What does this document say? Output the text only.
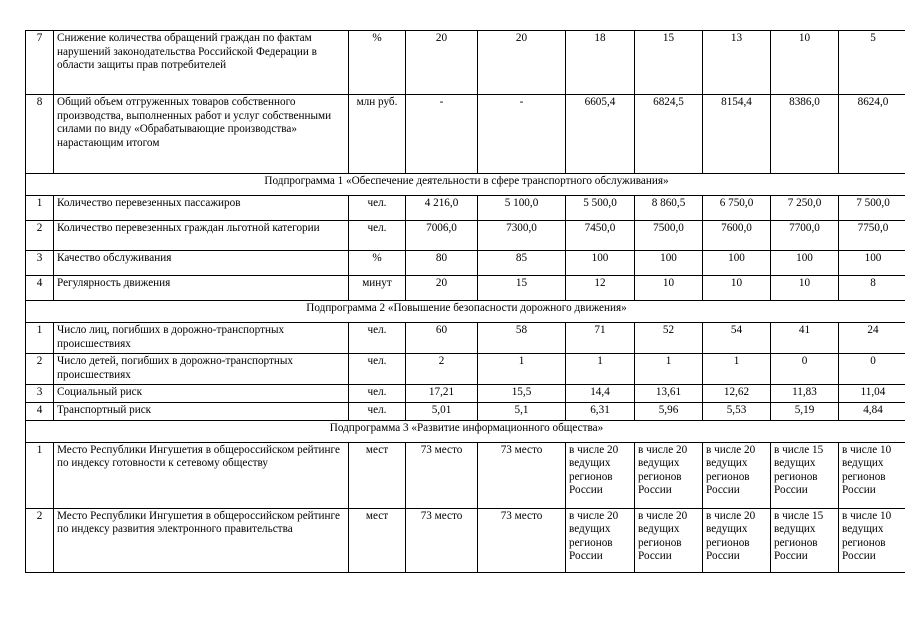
7	Снижение количества обращений граждан по фактам нарушений законодательства Российской Федерации в области защиты прав потребителей	%	20	20	18	15	13	10	5
8	Общий объем отгруженных товаров собственного производства, выполненных работ и услуг собственными силами по виду «Обрабатывающие производства» нарастающим итогом	млн руб.	-	-	6605,4	6824,5	8154,4	8386,0	8624,0
Подпрограмма 1 «Обеспечение деятельности в сфере транспортного обслуживания»									
1	Количество перевезенных пассажиров	чел.	4 216,0	5 100,0	5 500,0	8 860,5	6 750,0	7 250,0	7 500,0
2	Количество перевезенных граждан льготной категории	чел.	7006,0	7300,0	7450,0	7500,0	7600,0	7700,0	7750,0
3	Качество обслуживания	%	80	85	100	100	100	100	100
4	Регулярность движения	минут	20	15	12	10	10	10	8
Подпрограмма 2 «Повышение безопасности дорожного движения»									
1	Число лиц, погибших в дорожно-транспортных происшествиях	чел.	60	58	71	52	54	41	24
2	Число детей, погибших в дорожно-транспортных происшествиях	чел.	2	1	1	1	1	0	0
3	Социальный риск	чел.	17,21	15,5	14,4	13,61	12,62	11,83	11,04
4	Транспортный риск	чел.	5,01	5,1	6,31	5,96	5,53	5,19	4,84
Подпрограмма 3 «Развитие информационного общества»									
1	Место Республики Ингушетия в общероссийском рейтинге по индексу готовности к сетевому обществу	мест	73 место	73 место	в числе 20 ведущих регионов России	в числе 20 ведущих регионов России	в числе 20 ведущих регионов России	в числе 15 ведущих регионов России	в числе 10 ведущих регионов России
2	Место Республики Ингушетия в общероссийском рейтинге по индексу развития электронного правительства	мест	73 место	73 место	в числе 20 ведущих регионов России	в числе 20 ведущих регионов России	в числе 20 ведущих регионов России	в числе 15 ведущих регионов России	в числе 10 ведущих регионов России
